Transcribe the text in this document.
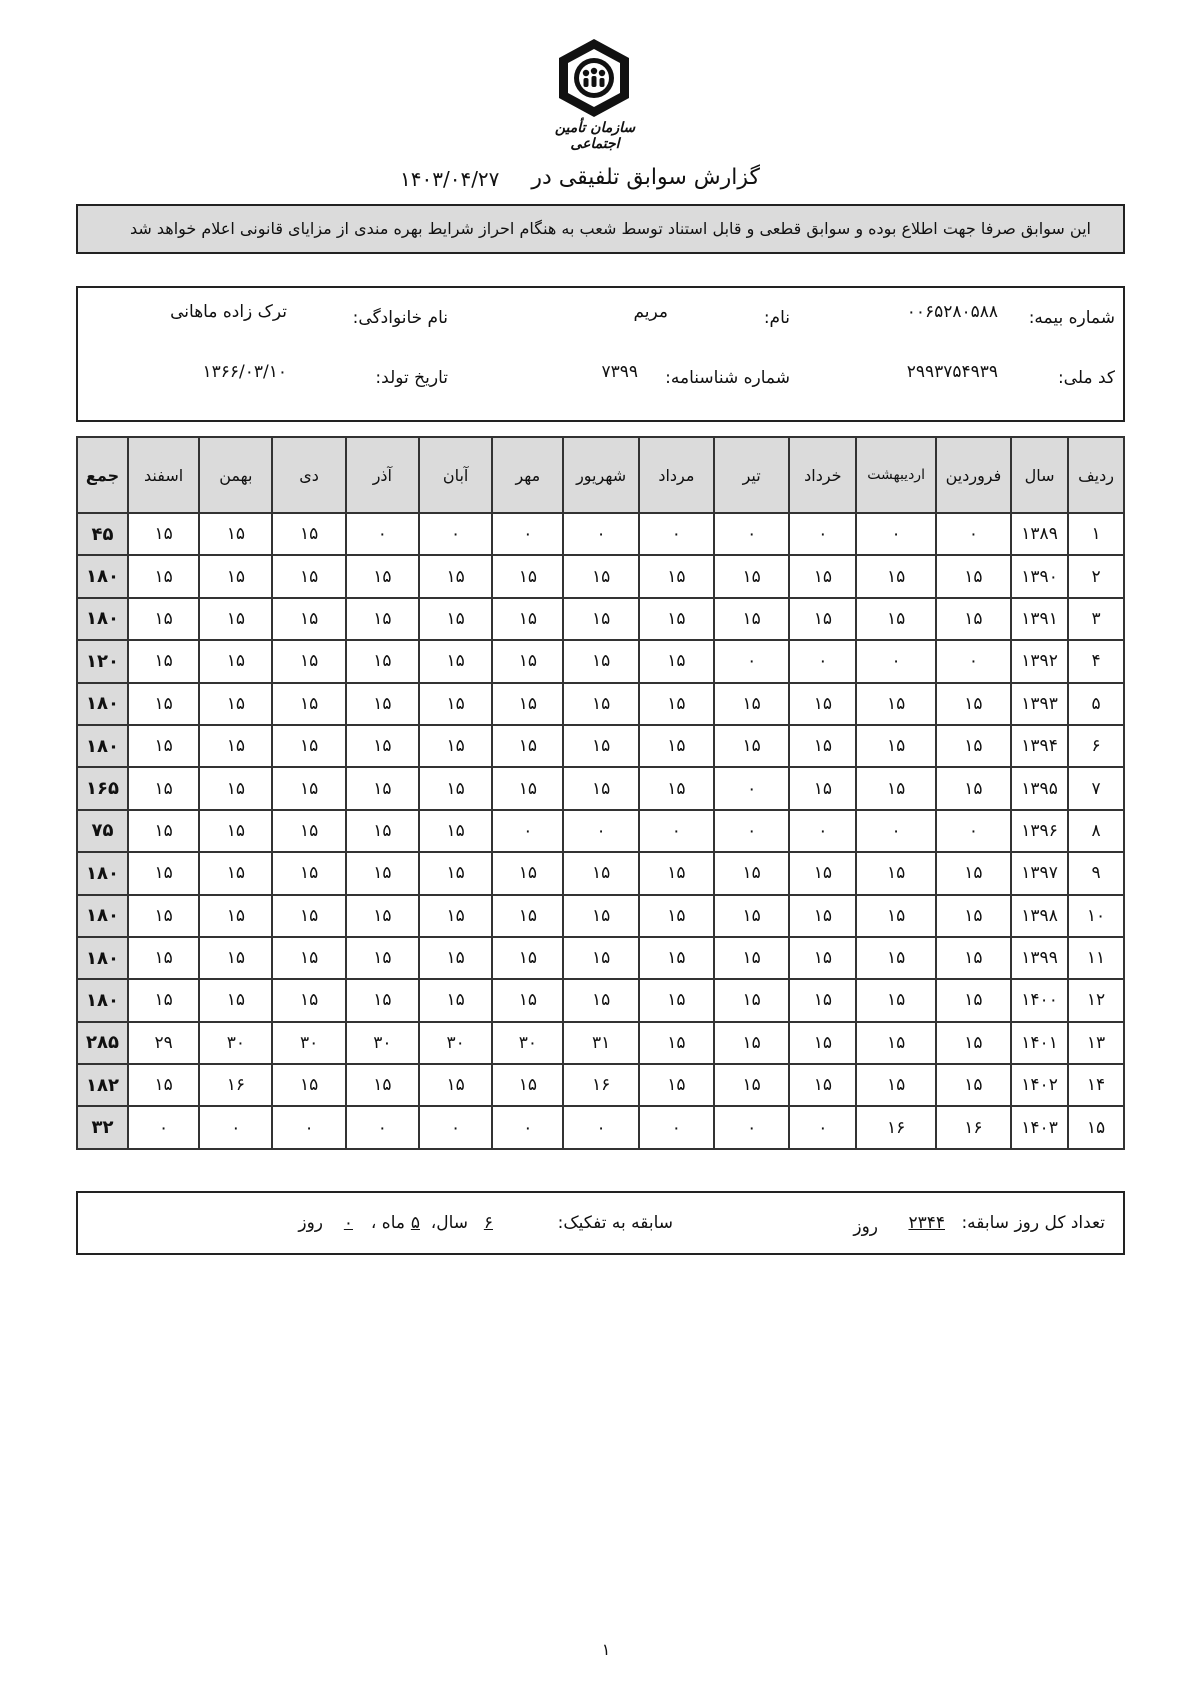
سازمان تأمین اجتماعی
گزارش سوابق تلفیقی در
۱۴۰۳/۰۴/۲۷
این سوابق صرفا جهت اطلاع بوده و سوابق قطعی و قابل استناد توسط شعب به هنگام احراز شرایط بهره مندی از مزایای قانونی اعلام خواهد شد
شماره بیمه:
۰۰۶۵۲۸۰۵۸۸
نام:
مریم
نام خانوادگی:
ترک زاده ماهانی
کد ملی:
۲۹۹۳۷۵۴۹۳۹
شماره شناسنامه:
۷۳۹۹
تاریخ تولد:
۱۳۶۶/۰۳/۱۰
ردیف	سال	فروردین	اردیبهشت	خرداد	تیر	مرداد	شهریور	مهر	آبان	آذر	دی	بهمن	اسفند	جمع
۱	۱۳۸۹	۰	۰	۰	۰	۰	۰	۰	۰	۰	۱۵	۱۵	۱۵	۴۵
۲	۱۳۹۰	۱۵	۱۵	۱۵	۱۵	۱۵	۱۵	۱۵	۱۵	۱۵	۱۵	۱۵	۱۵	۱۸۰
۳	۱۳۹۱	۱۵	۱۵	۱۵	۱۵	۱۵	۱۵	۱۵	۱۵	۱۵	۱۵	۱۵	۱۵	۱۸۰
۴	۱۳۹۲	۰	۰	۰	۰	۱۵	۱۵	۱۵	۱۵	۱۵	۱۵	۱۵	۱۵	۱۲۰
۵	۱۳۹۳	۱۵	۱۵	۱۵	۱۵	۱۵	۱۵	۱۵	۱۵	۱۵	۱۵	۱۵	۱۵	۱۸۰
۶	۱۳۹۴	۱۵	۱۵	۱۵	۱۵	۱۵	۱۵	۱۵	۱۵	۱۵	۱۵	۱۵	۱۵	۱۸۰
۷	۱۳۹۵	۱۵	۱۵	۱۵	۰	۱۵	۱۵	۱۵	۱۵	۱۵	۱۵	۱۵	۱۵	۱۶۵
۸	۱۳۹۶	۰	۰	۰	۰	۰	۰	۰	۱۵	۱۵	۱۵	۱۵	۱۵	۷۵
۹	۱۳۹۷	۱۵	۱۵	۱۵	۱۵	۱۵	۱۵	۱۵	۱۵	۱۵	۱۵	۱۵	۱۵	۱۸۰
۱۰	۱۳۹۸	۱۵	۱۵	۱۵	۱۵	۱۵	۱۵	۱۵	۱۵	۱۵	۱۵	۱۵	۱۵	۱۸۰
۱۱	۱۳۹۹	۱۵	۱۵	۱۵	۱۵	۱۵	۱۵	۱۵	۱۵	۱۵	۱۵	۱۵	۱۵	۱۸۰
۱۲	۱۴۰۰	۱۵	۱۵	۱۵	۱۵	۱۵	۱۵	۱۵	۱۵	۱۵	۱۵	۱۵	۱۵	۱۸۰
۱۳	۱۴۰۱	۱۵	۱۵	۱۵	۱۵	۱۵	۳۱	۳۰	۳۰	۳۰	۳۰	۳۰	۲۹	۲۸۵
۱۴	۱۴۰۲	۱۵	۱۵	۱۵	۱۵	۱۵	۱۶	۱۵	۱۵	۱۵	۱۵	۱۶	۱۵	۱۸۲
۱۵	۱۴۰۳	۱۶	۱۶	۰	۰	۰	۰	۰	۰	۰	۰	۰	۰	۳۲
تعداد کل روز سابقه:
۲۳۴۴
روز
سابقه به تفکیک:
۶
سال،
۵
ماه ،
۰
روز
۱
